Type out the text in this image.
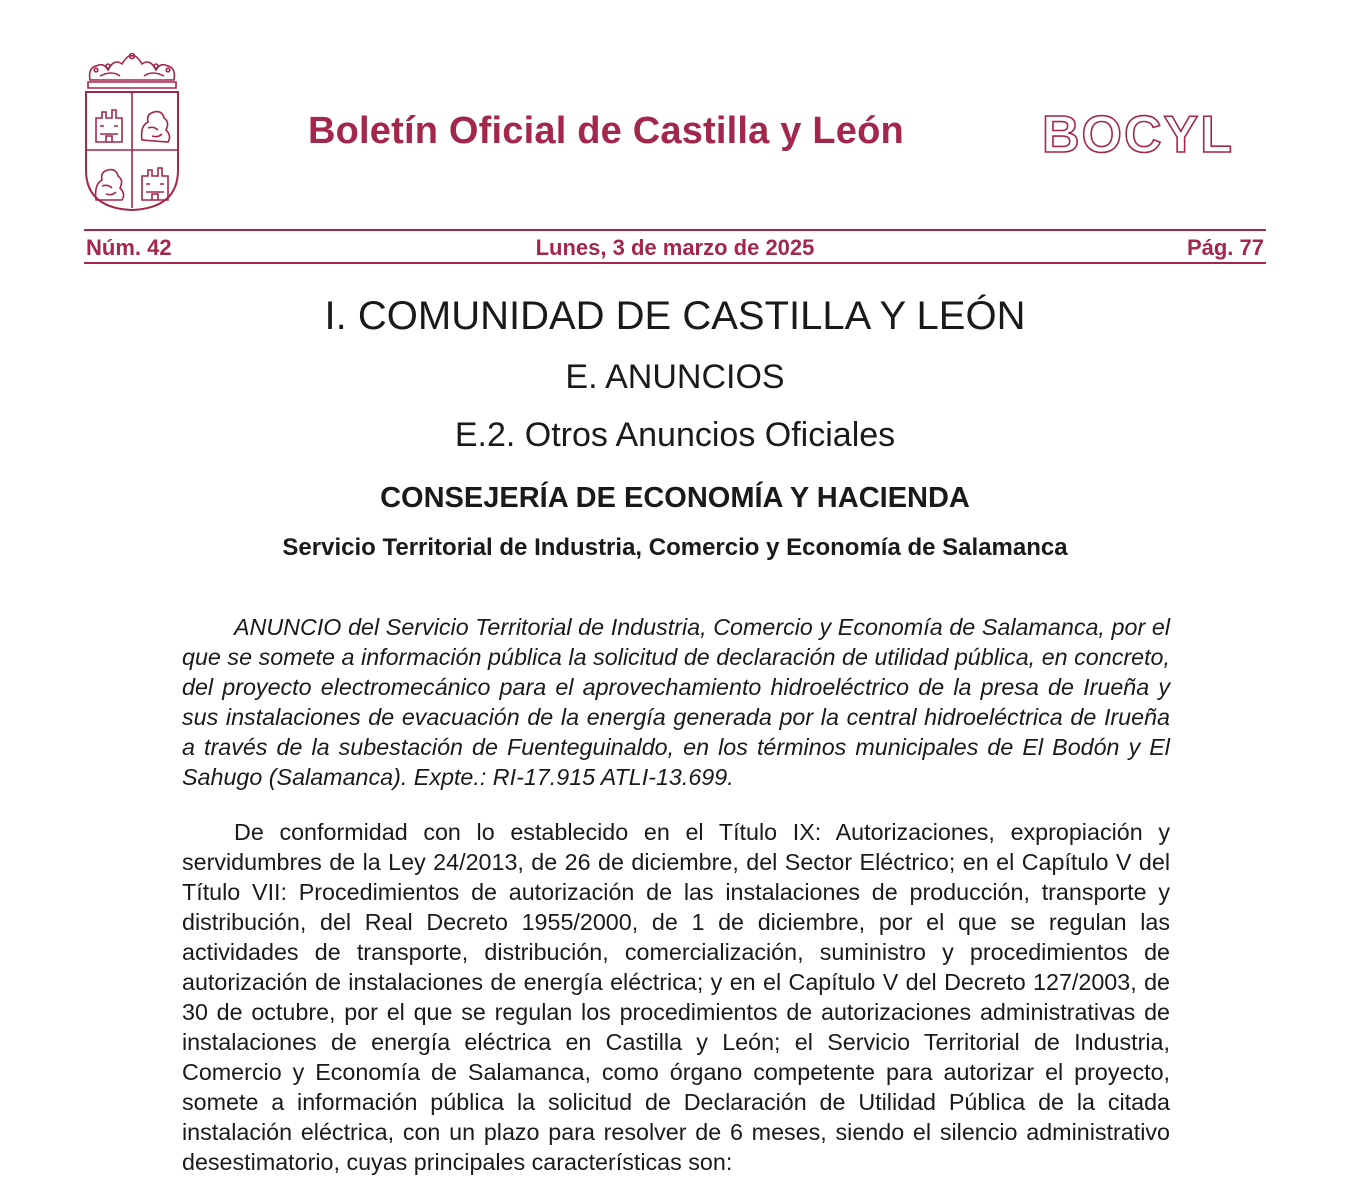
Boletín Oficial de Castilla y León	BOCYL
Núm. 42	Lunes, 3 de marzo de 2025	Pág. 77
I. COMUNIDAD DE CASTILLA Y LEÓN
E. ANUNCIOS
E.2. Otros Anuncios Oficiales
CONSEJERÍA DE ECONOMÍA Y HACIENDA
Servicio Territorial de Industria, Comercio y Economía de Salamanca
ANUNCIO del Servicio Territorial de Industria, Comercio y Economía de Salamanca, por el que se somete a información pública la solicitud de declaración de utilidad pública, en concreto, del proyecto electromecánico para el aprovechamiento hidroeléctrico de la presa de Irueña y sus instalaciones de evacuación de la energía generada por la central hidroeléctrica de Irueña a través de la subestación de Fuenteguinaldo, en los términos municipales de El Bodón y El Sahugo (Salamanca). Expte.: RI-17.915 ATLI-13.699.
De conformidad con lo establecido en el Título IX: Autorizaciones, expropiación y servidumbres de la Ley 24/2013, de 26 de diciembre, del Sector Eléctrico; en el Capítulo V del Título VII: Procedimientos de autorización de las instalaciones de producción, transporte y distribución, del Real Decreto 1955/2000, de 1 de diciembre, por el que se regulan las actividades de transporte, distribución, comercialización, suministro y procedimientos de autorización de instalaciones de energía eléctrica; y en el Capítulo V del Decreto 127/2003, de 30 de octubre, por el que se regulan los procedimientos de autorizaciones administrativas de instalaciones de energía eléctrica en Castilla y León; el Servicio Territorial de Industria, Comercio y Economía de Salamanca, como órgano competente para autorizar el proyecto, somete a información pública la solicitud de Declaración de Utilidad Pública de la citada instalación eléctrica, con un plazo para resolver de 6 meses, siendo el silencio administrativo desestimatorio, cuyas principales características son:
